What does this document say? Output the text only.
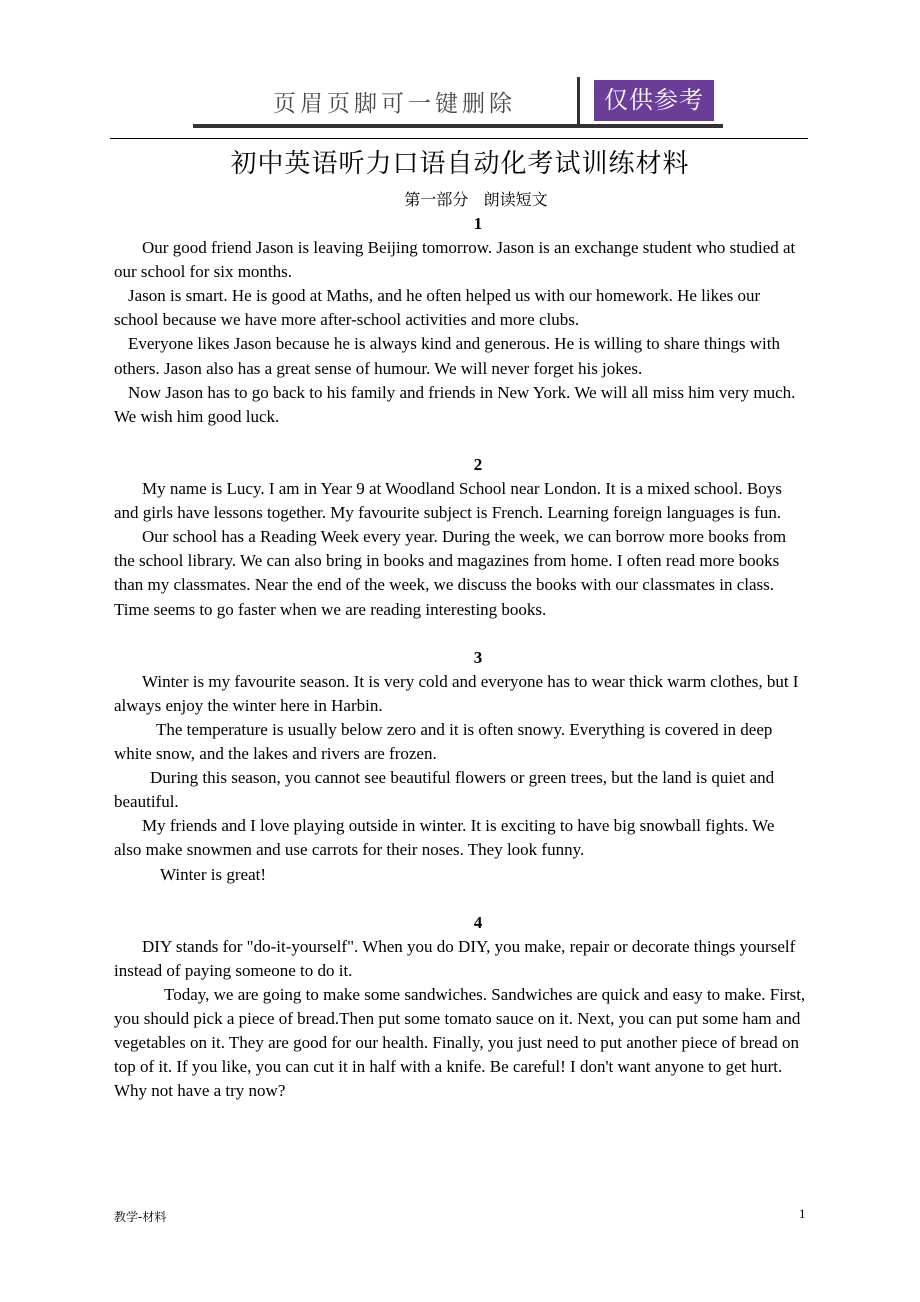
页眉页脚可一键删除	仅供参考
初中英语听力口语自动化考试训练材料
第一部分   朗读短文

1

Our good friend Jason is leaving Beijing tomorrow. Jason is an exchange student who studied at our school for six months.

Jason is smart. He is good at Maths, and he often helped us with our homework. He likes our school because we have more after-school activities and more clubs.

Everyone likes Jason because he is always kind and generous. He is willing to share things with others. Jason also has a great sense of humour. We will never forget his jokes.

Now Jason has to go back to his family and friends in New York. We will all miss him very much. We wish him good luck.

2

My name is Lucy. I am in Year 9 at Woodland School near London. It is a mixed school. Boys and girls have lessons together. My favourite subject is French. Learning foreign languages is fun.

Our school has a Reading Week every year. During the week, we can borrow more books from the school library. We can also bring in books and magazines from home. I often read more books than my classmates. Near the end of the week, we discuss the books with our classmates in class. Time seems to go faster when we are reading interesting books.

3

Winter is my favourite season. It is very cold and everyone has to wear thick warm clothes, but I always enjoy the winter here in Harbin.

The temperature is usually below zero and it is often snowy. Everything is covered in deep white snow, and the lakes and rivers are frozen.

During this season, you cannot see beautiful flowers or green trees, but the land is quiet and beautiful.

My friends and I love playing outside in winter. It is exciting to have big snowball fights. We also make snowmen and use carrots for their noses. They look funny.

Winter is great!

4

DIY stands for "do-it-yourself". When you do DIY, you make, repair or decorate things yourself instead of paying someone to do it.

Today, we are going to make some sandwiches. Sandwiches are quick and easy to make. First, you should pick a piece of bread.Then put some tomato sauce on it. Next, you can put some ham and vegetables on it. They are good for our health. Finally, you just need to put another piece of bread on top of it. If you like, you can cut it in half with a knife. Be careful! I don't want anyone to get hurt. Why not have a try now?

教学-材料	1
